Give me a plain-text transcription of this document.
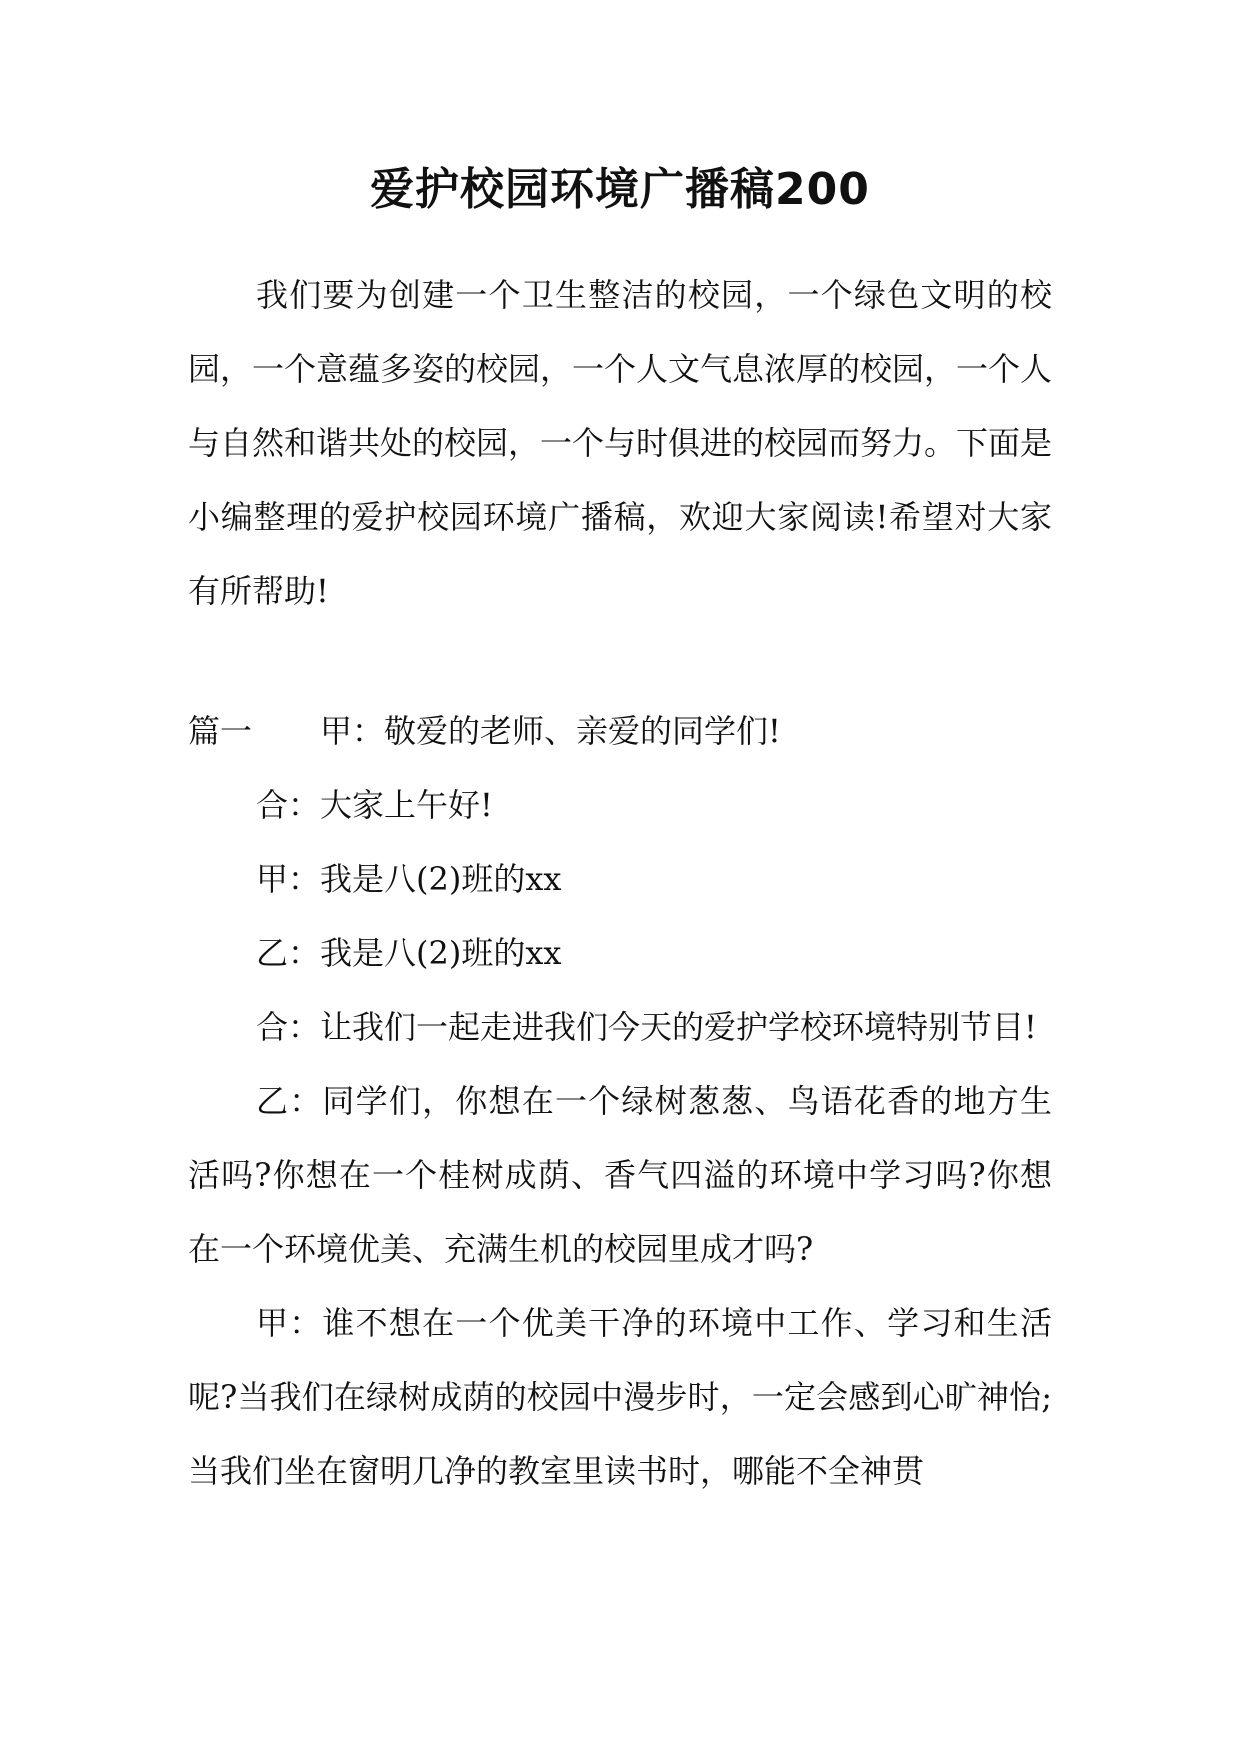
爱护校园环境广播稿200

我们要为创建一个卫生整洁的校园，一个绿色文明的校园，一个意蕴多姿的校园，一个人文气息浓厚的校园，一个人与自然和谐共处的校园，一个与时俱进的校园而努力。下面是小编整理的爱护校园环境广播稿，欢迎大家阅读!希望对大家有所帮助!

篇一 甲：敬爱的老师、亲爱的同学们!

合：大家上午好!

甲：我是八(2)班的xx

乙：我是八(2)班的xx

合：让我们一起走进我们今天的爱护学校环境特别节目!

乙：同学们，你想在一个绿树葱葱、鸟语花香的地方生活吗?你想在一个桂树成荫、香气四溢的环境中学习吗?你想在一个环境优美、充满生机的校园里成才吗?

甲：谁不想在一个优美干净的环境中工作、学习和生活呢?当我们在绿树成荫的校园中漫步时，一定会感到心旷神怡;当我们坐在窗明几净的教室里读书时，哪能不全神贯
